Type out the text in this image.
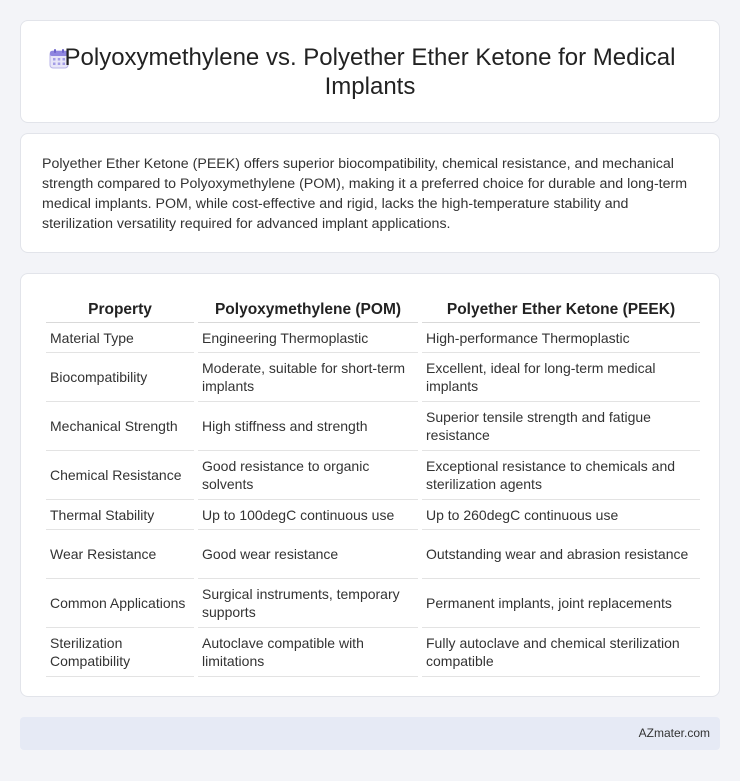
Polyoxymethylene vs. Polyether Ether Ketone for Medical Implants

Polyether Ether Ketone (PEEK) offers superior biocompatibility, chemical resistance, and mechanical strength compared to Polyoxymethylene (POM), making it a preferred choice for durable and long-term medical implants. POM, while cost-effective and rigid, lacks the high-temperature stability and sterilization versatility required for advanced implant applications.

Property	Polyoxymethylene (POM)	Polyether Ether Ketone (PEEK)
Material Type	Engineering Thermoplastic	High-performance Thermoplastic
Biocompatibility	Moderate, suitable for short-term implants	Excellent, ideal for long-term medical implants
Mechanical Strength	High stiffness and strength	Superior tensile strength and fatigue resistance
Chemical Resistance	Good resistance to organic solvents	Exceptional resistance to chemicals and sterilization agents
Thermal Stability	Up to 100degC continuous use	Up to 260degC continuous use
Wear Resistance	Good wear resistance	Outstanding wear and abrasion resistance
Common Applications	Surgical instruments, temporary supports	Permanent implants, joint replacements
Sterilization Compatibility	Autoclave compatible with limitations	Fully autoclave and chemical sterilization compatible
AZmater.com
